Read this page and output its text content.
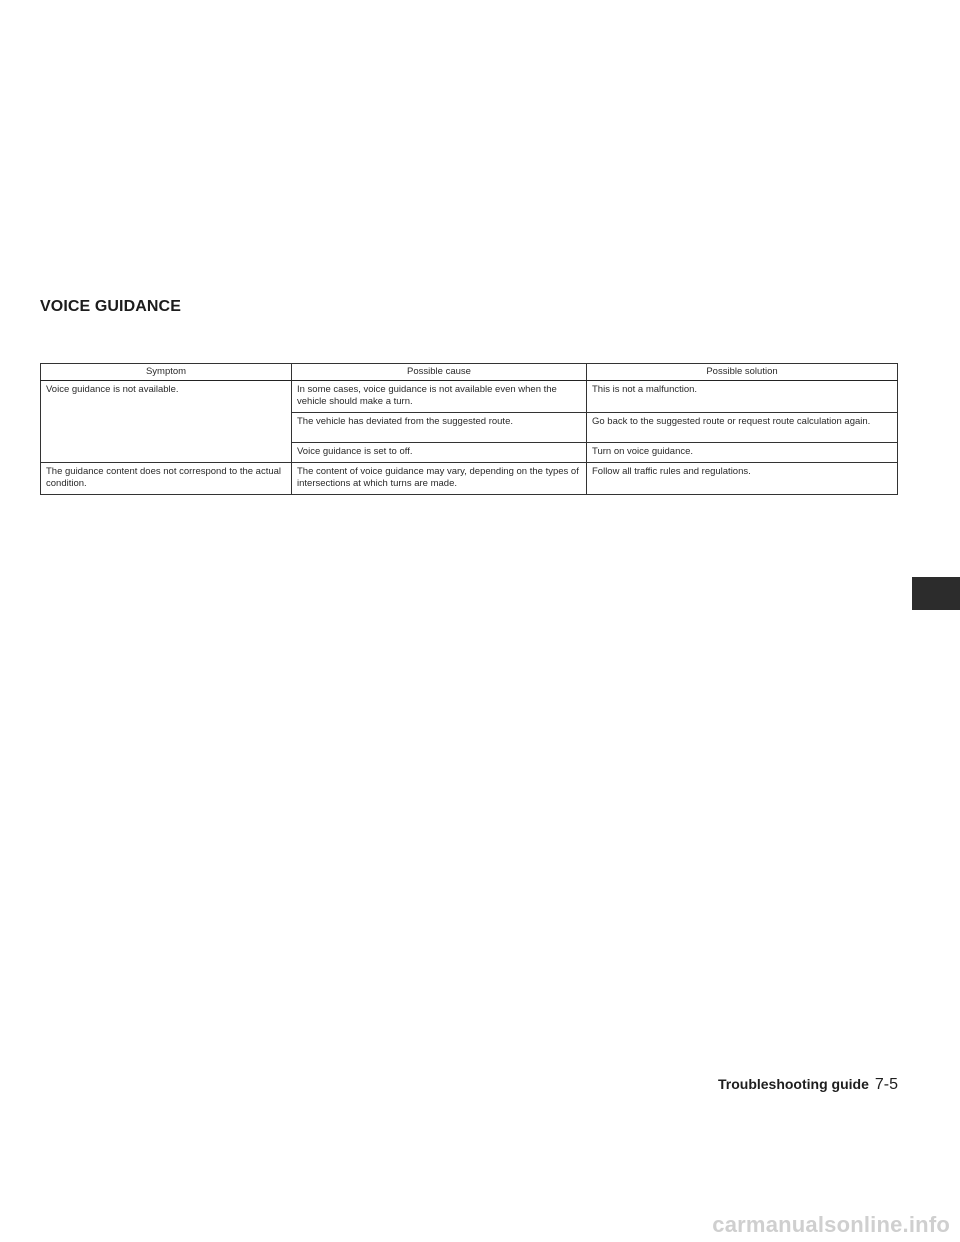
VOICE GUIDANCE
Symptom	Possible cause	Possible solution
Voice guidance is not available.	In some cases, voice guidance is not available even when the vehicle should make a turn.	This is not a malfunction.
	The vehicle has deviated from the suggested route.	Go back to the suggested route or request route calculation again.
	Voice guidance is set to off.	Turn on voice guidance.
The guidance content does not correspond to the actual condition.	The content of voice guidance may vary, depending on the types of intersections at which turns are made.	Follow all traffic rules and regulations.
Troubleshooting guide 7-5
carmanualsonline.info
